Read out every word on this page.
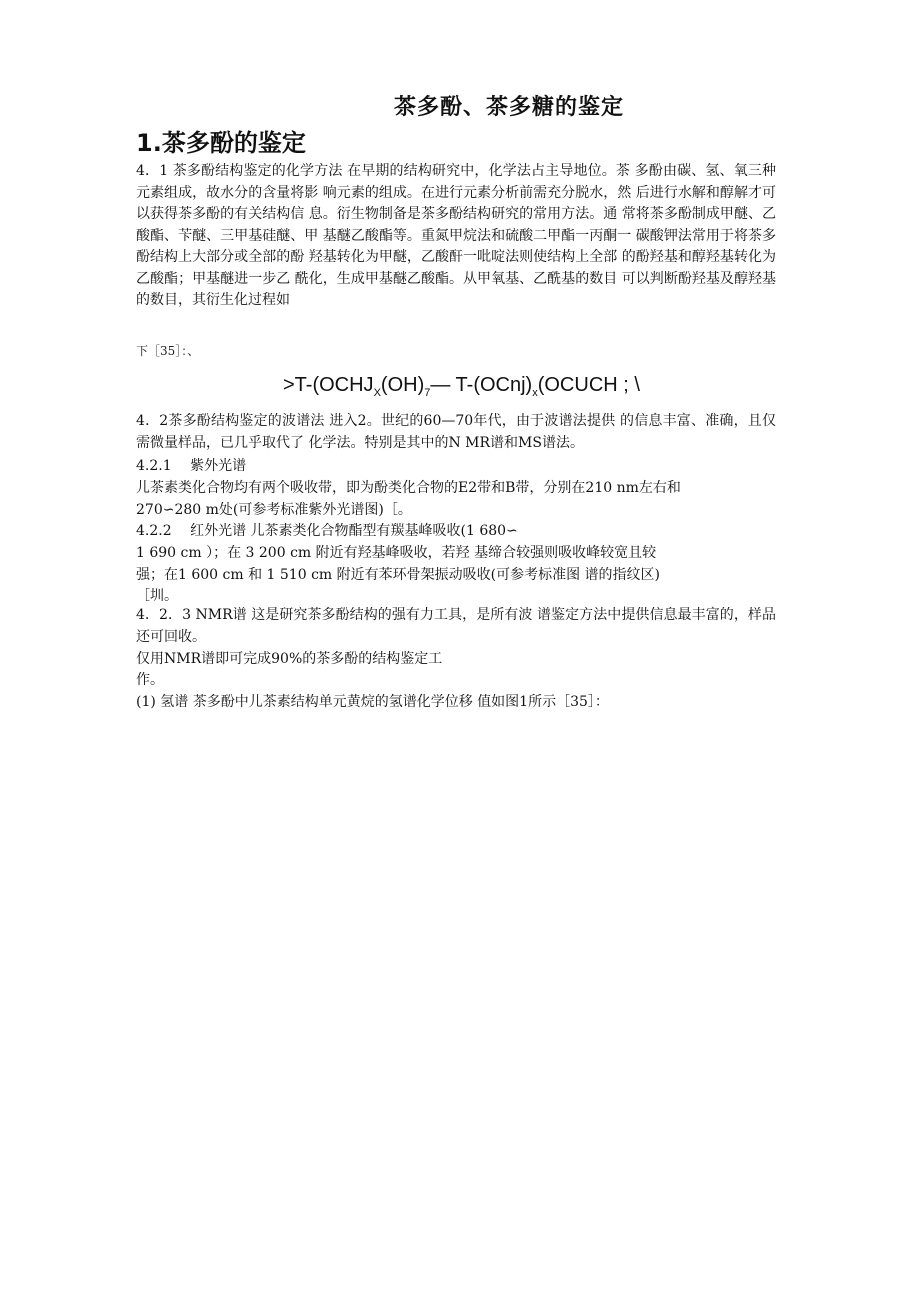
茶多酚、茶多糖的鉴定
1.茶多酚的鉴定
4．1 茶多酚结构鉴定的化学方法 在早期的结构研究中，化学法占主导地位。茶 多酚由碳、氢、氧三种元素组成，故水分的含量将影 响元素的组成。在进行元素分析前需充分脱水，然 后进行水解和醇解才可以获得茶多酚的有关结构信 息。衍生物制备是茶多酚结构研究的常用方法。通 常将茶多酚制成甲醚、乙酸酯、苄醚、三甲基硅醚、甲 基醚乙酸酯等。重氮甲烷法和硫酸二甲酯一丙酮一 碳酸钾法常用于将茶多酚结构上大部分或全部的酚 羟基转化为甲醚，乙酸酐一吡啶法则使结构上全部 的酚羟基和醇羟基转化为乙酸酯；甲基醚进一步乙 酰化，生成甲基醚乙酸酯。从甲氧基、乙酰基的数目 可以判断酚羟基及醇羟基的数目，其衍生化过程如
下［35］：、
$>T-(OCHJ_X(OH)_7—$ $T-(OCnj)_x(OCUCH$ ; \
4．2茶多酚结构鉴定的波谱法 进入2。世纪的60—70年代，由于波谱法提供 的信息丰富、准确，且仅需微量样品，已几乎取代了 化学法。特别是其中的N MR谱和MS谱法。
4.2.1　 紫外光谱
儿茶素类化合物均有两个吸收带，即为酚类化合物的E2带和B带，分别在210 nm左右和
270∽280 m处(可参考标准紫外光谱图)［。
4.2.2　 红外光谱 儿茶素类化合物酯型有羰基峰吸收(1 680∽
1 690 cm ）；在 3 200 cm 附近有羟基峰吸收，若羟 基缔合较强则吸收峰较宽且较
强；在1 600 cm 和 1 510 cm 附近有苯环骨架振动吸收(可参考标准图 谱的指纹区)
［圳。
4．2．3 NMR谱 这是研究茶多酚结构的强有力工具，是所有波 谱鉴定方法中提供信息最丰富的，样品还可回收。
仅用NMR谱即可完成90%的茶多酚的结构鉴定工
作。
(1) 氢谱 茶多酚中儿茶素结构单元黄烷的氢谱化学位移 值如图1所示［35］：
